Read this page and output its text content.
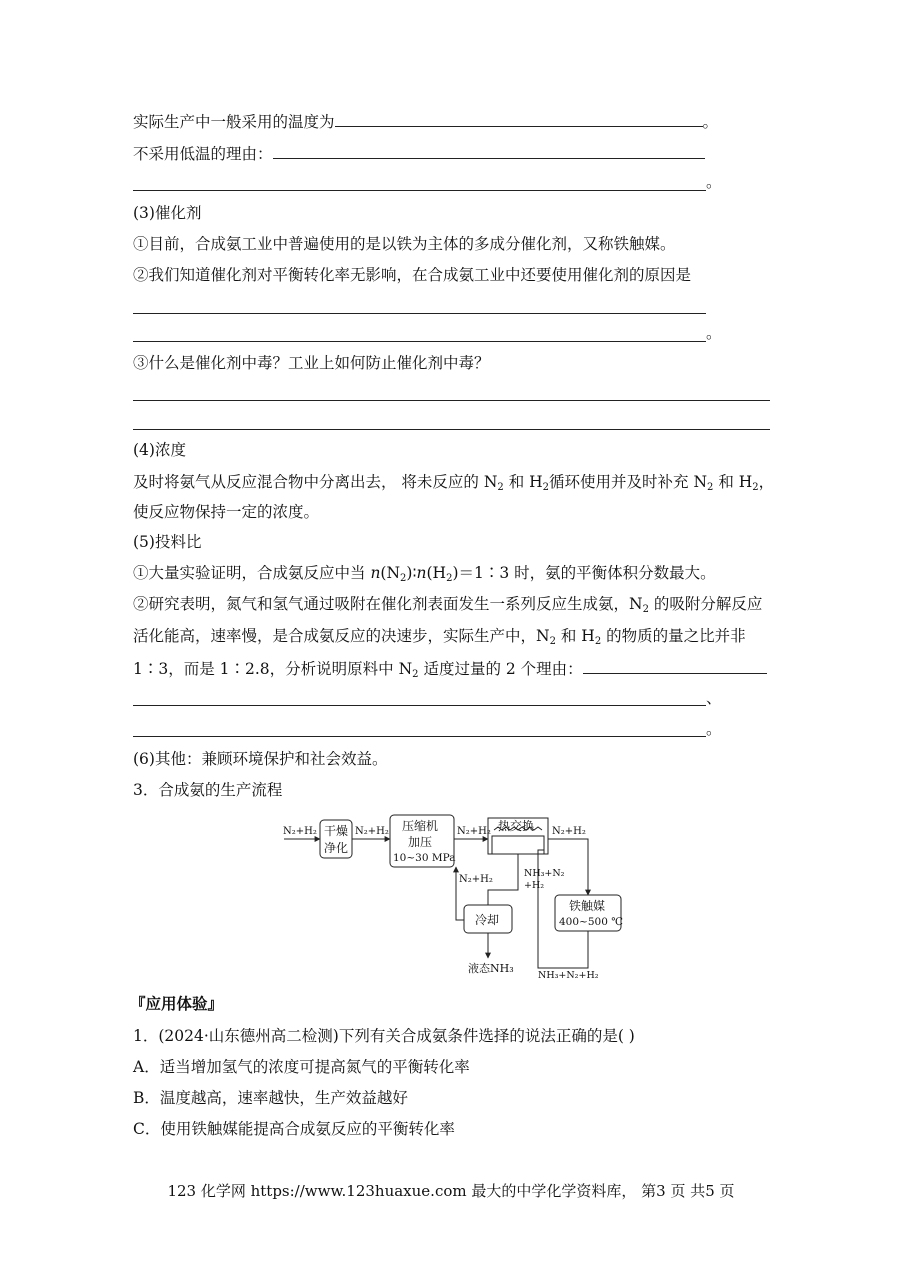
实际生产中一般采用的温度为	。
不采用低温的理由：
。
(3)催化剂
①目前，合成氨工业中普遍使用的是以铁为主体的多成分催化剂，又称铁触媒。
②我们知道催化剂对平衡转化率无影响，在合成氨工业中还要使用催化剂的原因是
。
③什么是催化剂中毒？工业上如何防止催化剂中毒？
(4)浓度
及时将氨气从反应混合物中分离出去， 将未反应的 $N_2$ 和 $H_2$循环使用并及时补充 $N_2$ 和 $H_2$，
使反应物保持一定的浓度。
(5)投料比
①大量实验证明，合成氨反应中当 $n(N_2)∶n(H_2)=1∶3$ 时，氨的平衡体积分数最大。
②研究表明，氮气和氢气通过吸附在催化剂表面发生一系列反应生成氨，$N_2$ 的吸附分解反应
活化能高，速率慢，是合成氨反应的决速步，实际生产中，$N_2$ 和 $H_2$ 的物质的量之比并非
1∶3，而是 1∶2.8，分析说明原料中 $N_2$ 适度过量的 2 个理由：
、
。
(6)其他：兼顾环境保护和社会效益。
3．合成氨的生产流程
N₂+H₂ 干燥
净化
N₂+H₂ 压缩机
加压
10~30 MPa
N₂+H₂ 热交换 N₂+H₂
N₂+H₂
NH₃+N₂
+H₂
冷却
铁触媒
400~500 ℃
液态NH₃
NH₃+N₂+H₂
『应用体验』
1．(2024·山东德州高二检测)下列有关合成氨条件选择的说法正确的是( )
A．适当增加氢气的浓度可提高氮气的平衡转化率
B．温度越高，速率越快，生产效益越好
C．使用铁触媒能提高合成氨反应的平衡转化率
123 化学网 https://www.123huaxue.com 最大的中学化学资料库， 第3 页 共5 页
